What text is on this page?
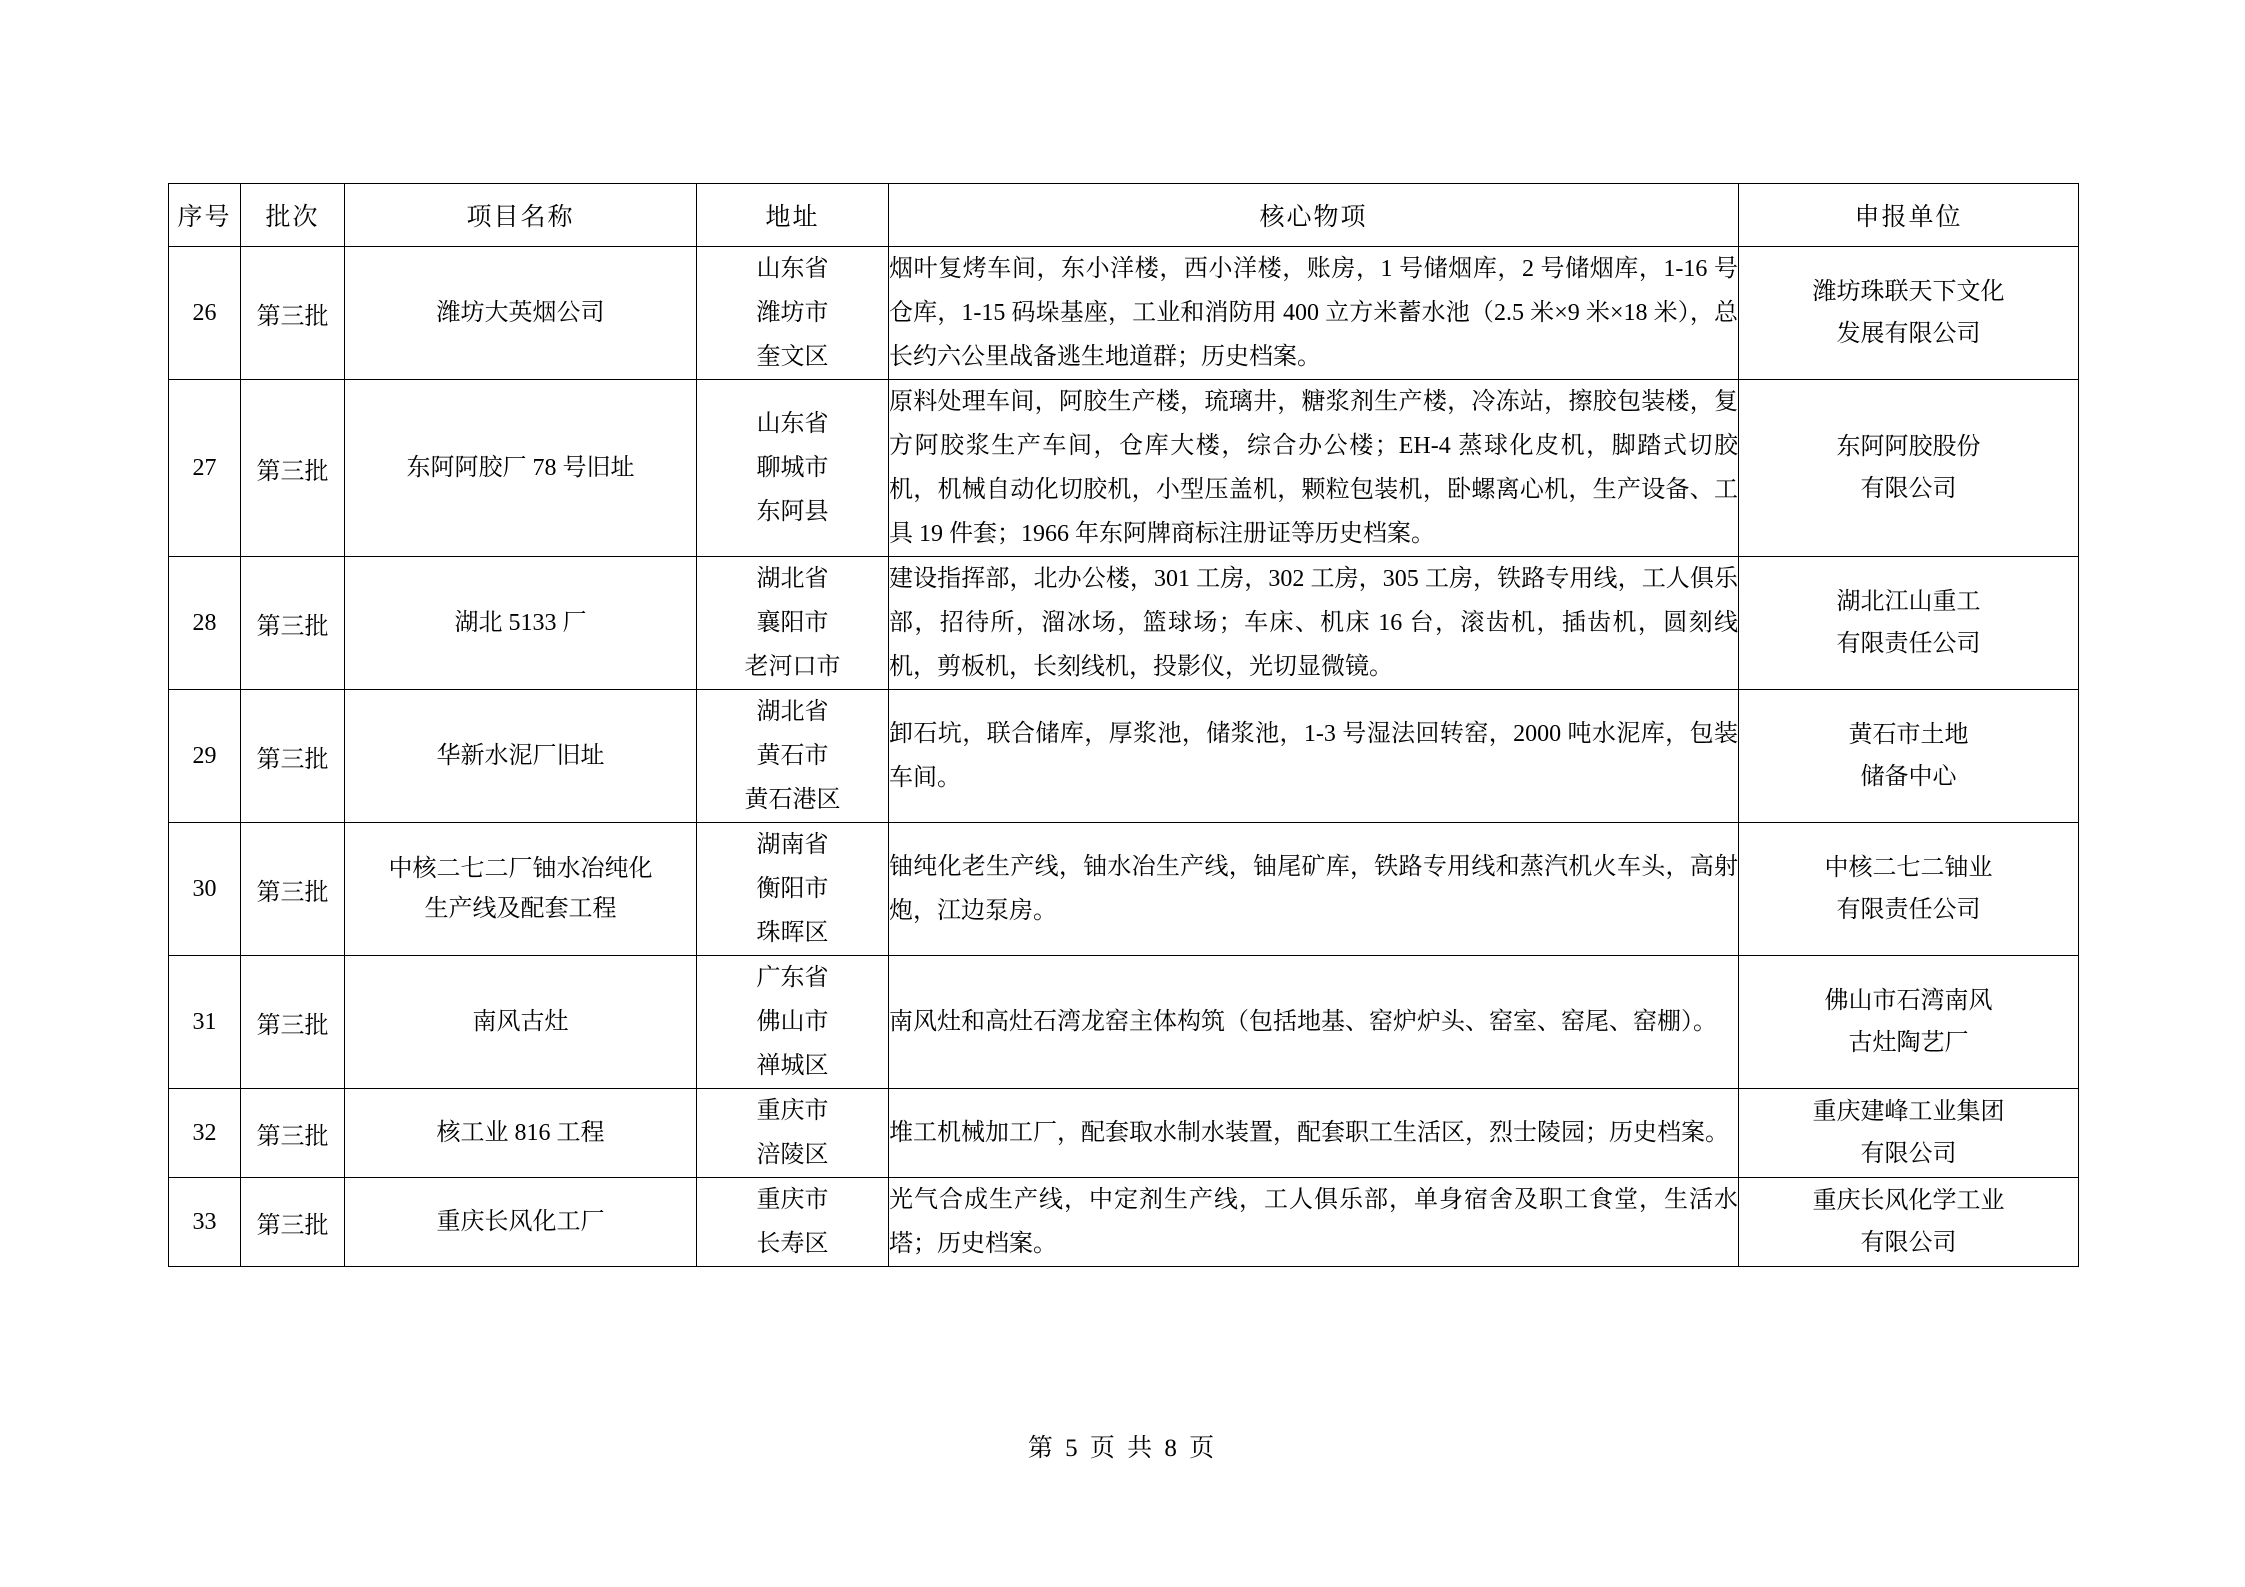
序号	批次	项目名称	地址	核心物项	申报单位
26	第三批	潍坊大英烟公司	山东省
潍坊市
奎文区	烟叶复烤车间，东小洋楼，西小洋楼，账房，1 号储烟库，2 号储烟库，1-16 号仓库，1-15 码垛基座，工业和消防用 400 立方米蓄水池（2.5 米×9 米×18 米），总长约六公里战备逃生地道群；历史档案。	潍坊珠联天下文化
发展有限公司

27	第三批	东阿阿胶厂 78 号旧址	山东省
聊城市
东阿县	原料处理车间，阿胶生产楼，琉璃井，糖浆剂生产楼，冷冻站，擦胶包装楼，复方阿胶浆生产车间，仓库大楼，综合办公楼；EH-4 蒸球化皮机，脚踏式切胶机，机械自动化切胶机，小型压盖机，颗粒包装机，卧螺离心机，生产设备、工具 19 件套；1966 年东阿牌商标注册证等历史档案。	东阿阿胶股份
有限公司

28	第三批	湖北 5133 厂	湖北省
襄阳市
老河口市	建设指挥部，北办公楼，301 工房，302 工房，305 工房，铁路专用线，工人俱乐部，招待所，溜冰场，篮球场；车床、机床 16 台，滚齿机，插齿机，圆刻线机，剪板机，长刻线机，投影仪，光切显微镜。	湖北江山重工
有限责任公司

29	第三批	华新水泥厂旧址	湖北省
黄石市
黄石港区	卸石坑，联合储库，厚浆池，储浆池，1-3 号湿法回转窑，2000 吨水泥库，包装车间。	黄石市土地
储备中心

30	第三批	中核二七二厂铀水冶纯化
生产线及配套工程	湖南省
衡阳市
珠晖区	铀纯化老生产线，铀水冶生产线，铀尾矿库，铁路专用线和蒸汽机火车头，高射炮，江边泵房。	中核二七二铀业
有限责任公司

31	第三批	南风古灶	广东省
佛山市
禅城区	南风灶和高灶石湾龙窑主体构筑（包括地基、窑炉炉头、窑室、窑尾、窑棚）。	佛山市石湾南风
古灶陶艺厂

32	第三批	核工业 816 工程	重庆市
涪陵区	堆工机械加工厂，配套取水制水装置，配套职工生活区，烈士陵园；历史档案。	重庆建峰工业集团
有限公司

33	第三批	重庆长风化工厂	重庆市
长寿区	光气合成生产线，中定剂生产线，工人俱乐部，单身宿舍及职工食堂，生活水塔；历史档案。	重庆长风化学工业
有限公司
第 5 页 共 8 页
